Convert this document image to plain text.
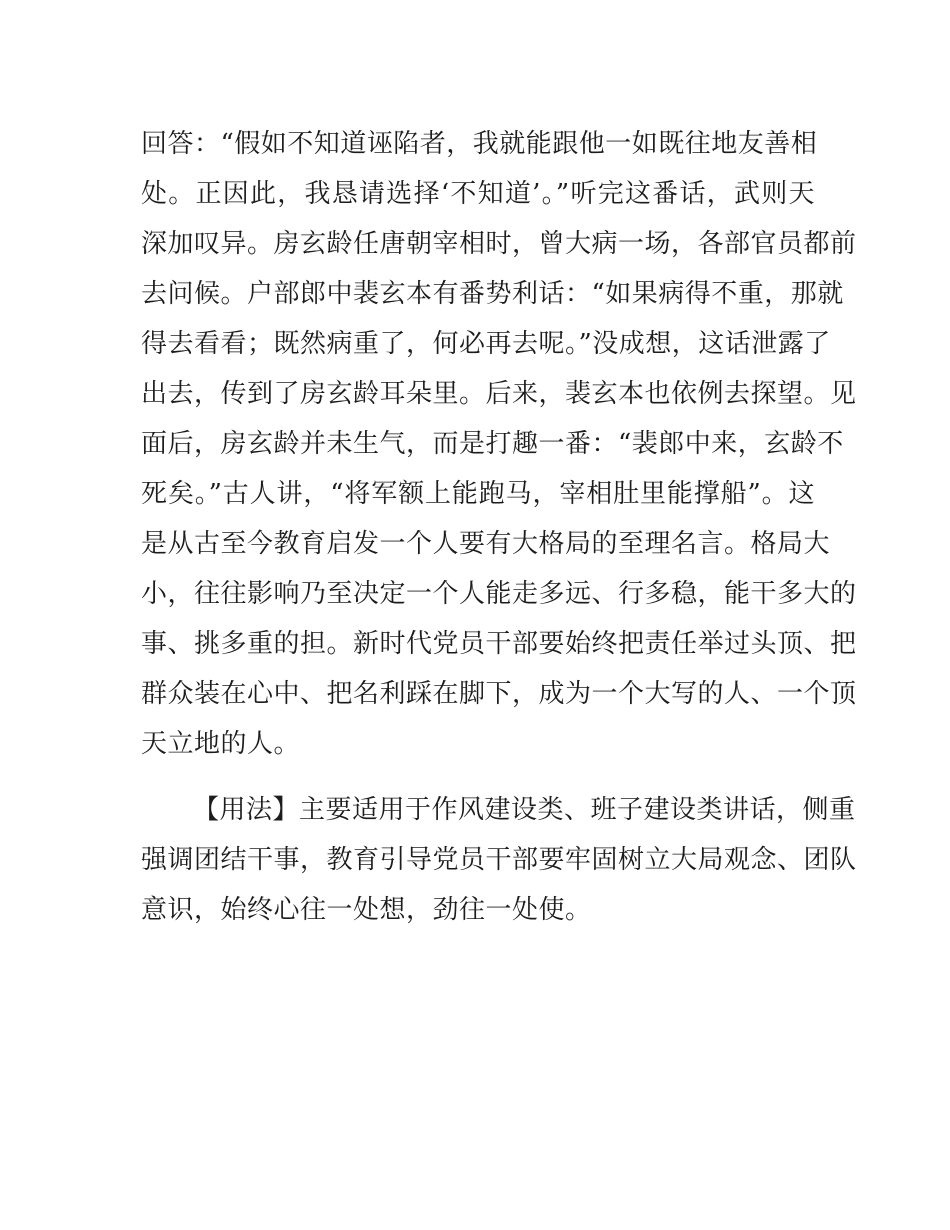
回答：“假如不知道诬陷者，我就能跟他一如既往地友善相
处。正因此，我恳请选择‘不知道’。”听完这番话，武则天
深加叹异。房玄龄任唐朝宰相时，曾大病一场，各部官员都前
去问候。户部郎中裴玄本有番势利话：“如果病得不重，那就
得去看看；既然病重了，何必再去呢。”没成想，这话泄露了
出去，传到了房玄龄耳朵里。后来，裴玄本也依例去探望。见
面后，房玄龄并未生气，而是打趣一番：“裴郎中来，玄龄不
死矣。”古人讲，“将军额上能跑马，宰相肚里能撑船”。这
是从古至今教育启发一个人要有大格局的至理名言。格局大
小，往往影响乃至决定一个人能走多远、行多稳，能干多大的
事、挑多重的担。新时代党员干部要始终把责任举过头顶、把
群众装在心中、把名利踩在脚下，成为一个大写的人、一个顶
天立地的人。
【用法】主要适用于作风建设类、班子建设类讲话，侧重
强调团结干事，教育引导党员干部要牢固树立大局观念、团队
意识，始终心往一处想，劲往一处使。
